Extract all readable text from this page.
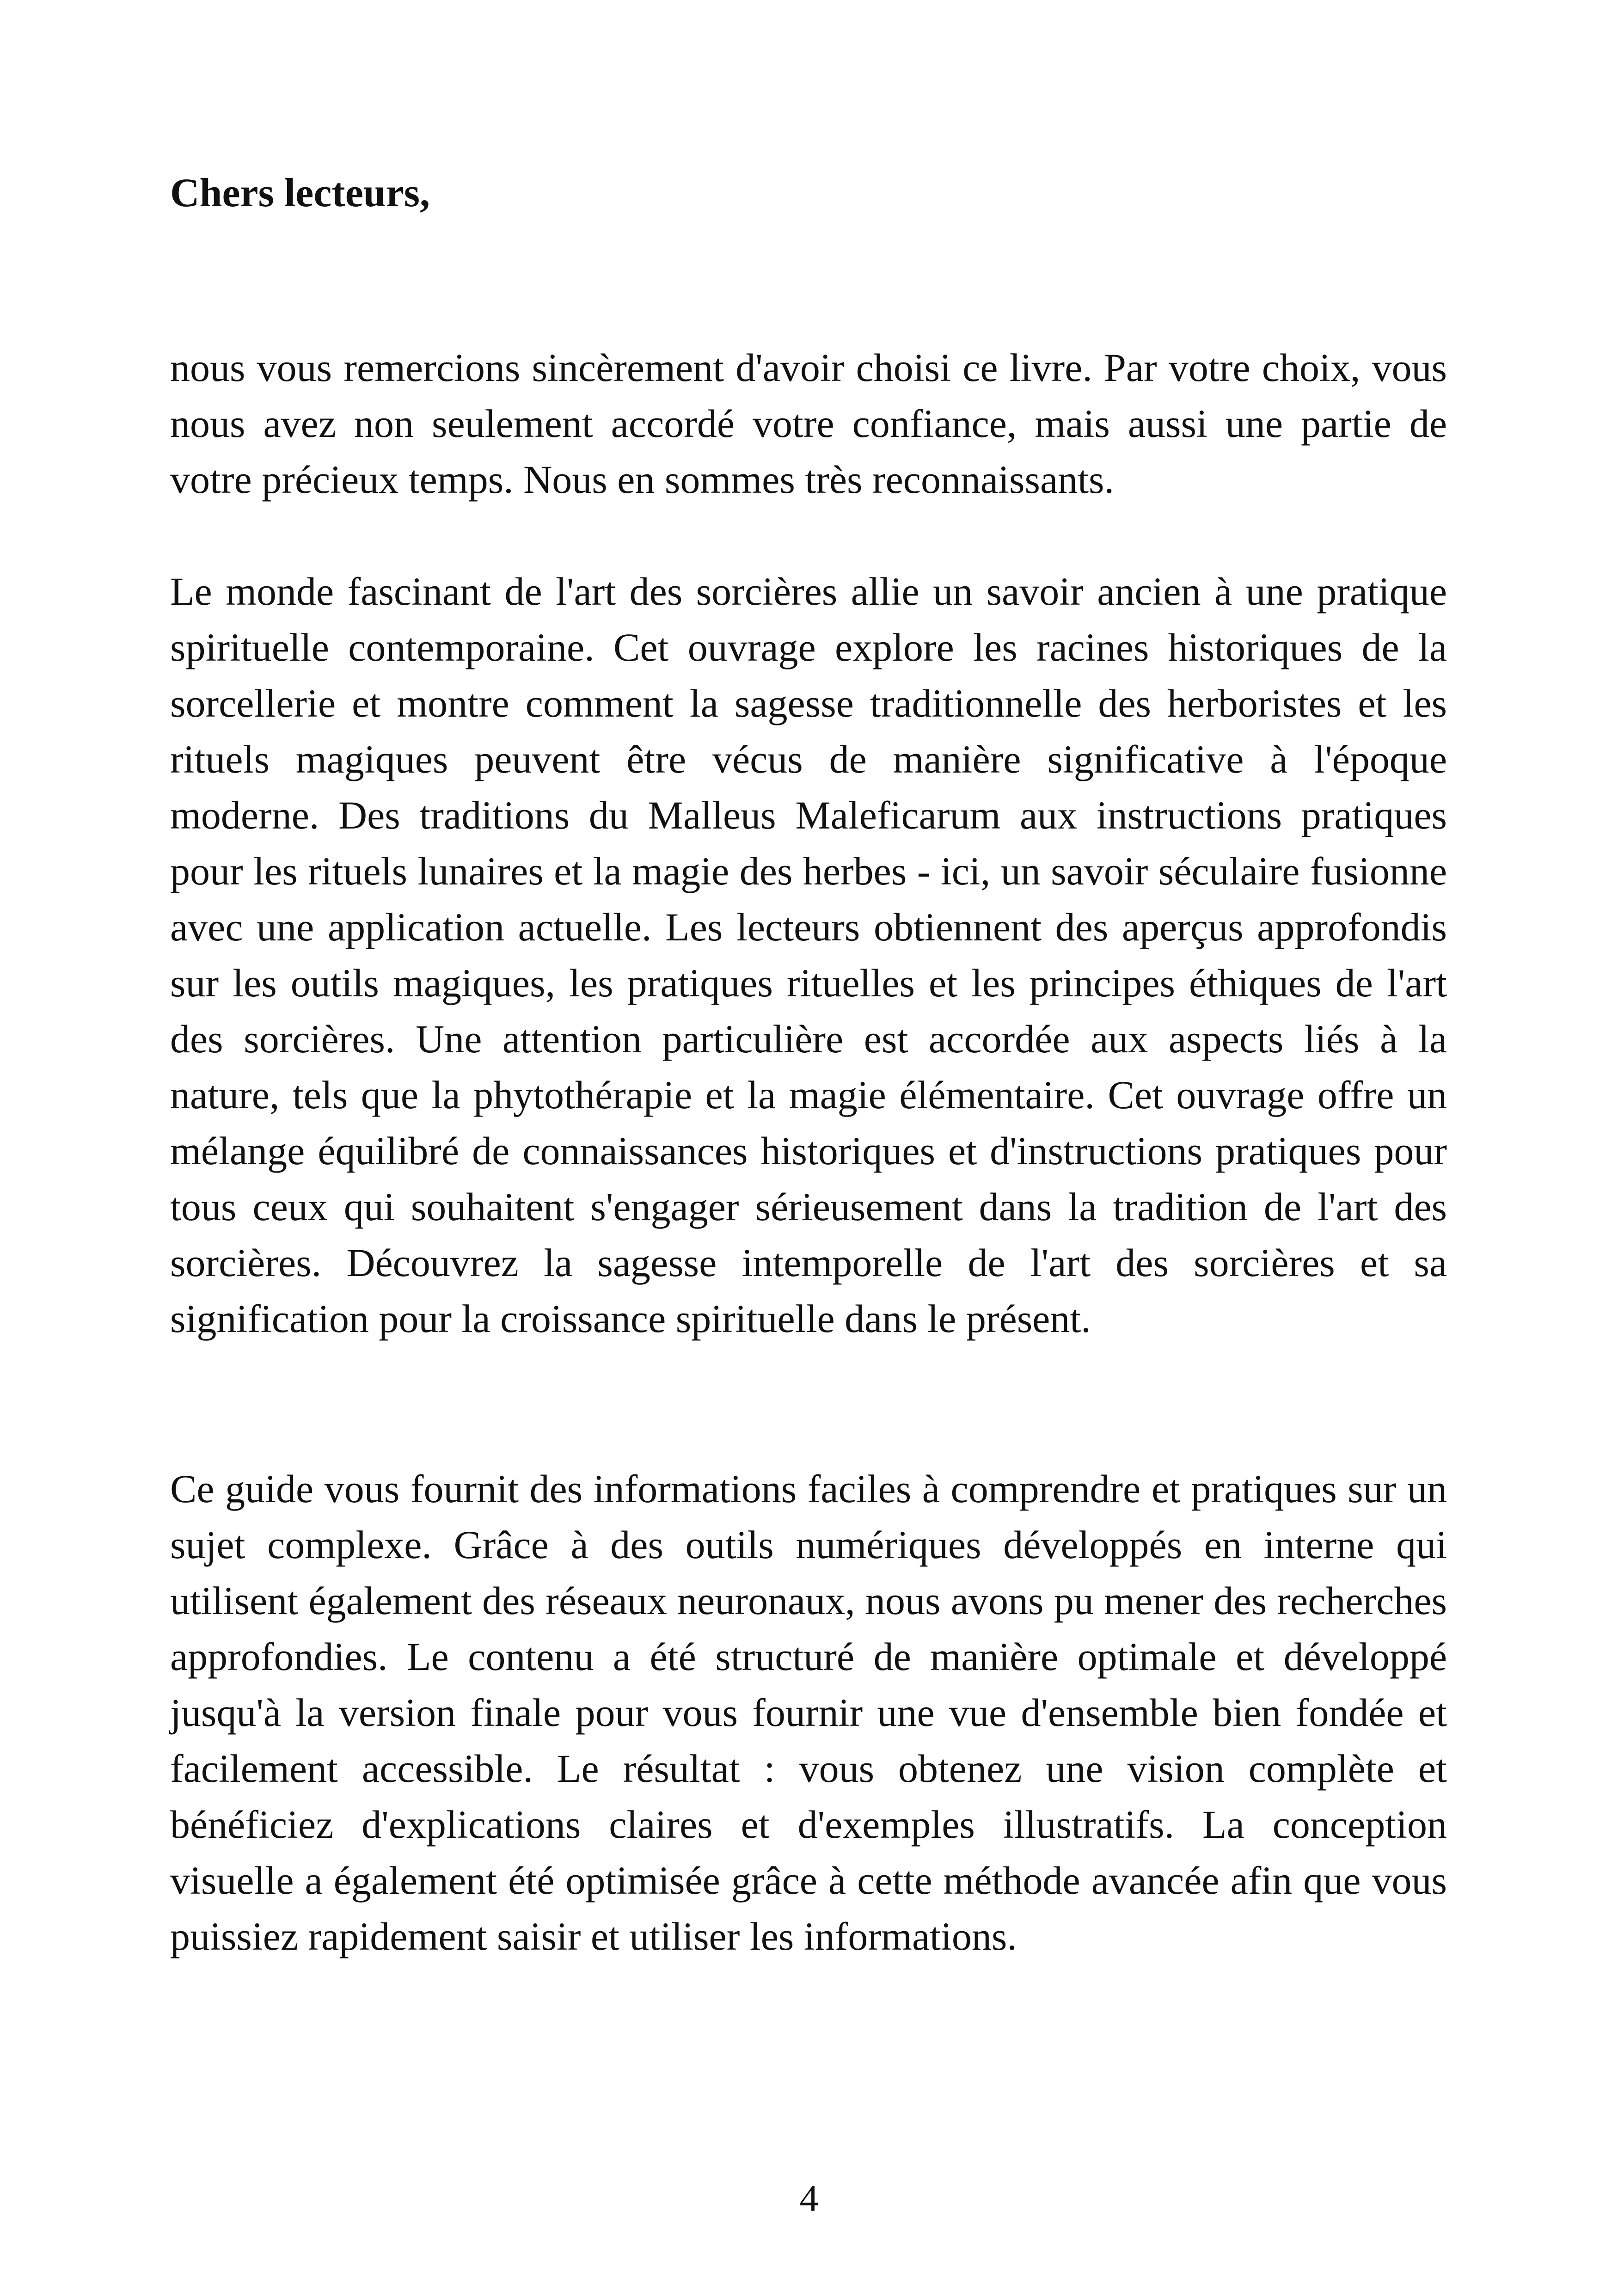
Chers lecteurs,

nous vous remercions sincèrement d'avoir choisi ce livre. Par votre choix, vous nous avez non seulement accordé votre confiance, mais aussi une partie de votre précieux temps. Nous en sommes très reconnaissants.

Le monde fascinant de l'art des sorcières allie un savoir ancien à une pratique spirituelle contemporaine. Cet ouvrage explore les racines historiques de la sorcellerie et montre comment la sagesse traditionnelle des herboristes et les rituels magiques peuvent être vécus de manière significative à l'époque moderne. Des traditions du Malleus Maleficarum aux instructions pratiques pour les rituels lunaires et la magie des herbes - ici, un savoir séculaire fusionne avec une application actuelle. Les lecteurs obtiennent des aperçus approfondis sur les outils magiques, les pratiques rituelles et les principes éthiques de l'art des sorcières. Une attention particulière est accordée aux aspects liés à la nature, tels que la phytothérapie et la magie élémentaire. Cet ouvrage offre un mélange équilibré de connaissances historiques et d'instructions pratiques pour tous ceux qui souhaitent s'engager sérieusement dans la tradition de l'art des sorcières. Découvrez la sagesse intemporelle de l'art des sorcières et sa signification pour la croissance spirituelle dans le présent.

Ce guide vous fournit des informations faciles à comprendre et pratiques sur un sujet complexe. Grâce à des outils numériques développés en interne qui utilisent également des réseaux neuronaux, nous avons pu mener des recherches approfondies. Le contenu a été structuré de manière optimale et développé jusqu'à la version finale pour vous fournir une vue d'ensemble bien fondée et facilement accessible. Le résultat : vous obtenez une vision complète et bénéficiez d'explications claires et d'exemples illustratifs. La conception visuelle a également été optimisée grâce à cette méthode avancée afin que vous puissiez rapidement saisir et utiliser les informations.

4
